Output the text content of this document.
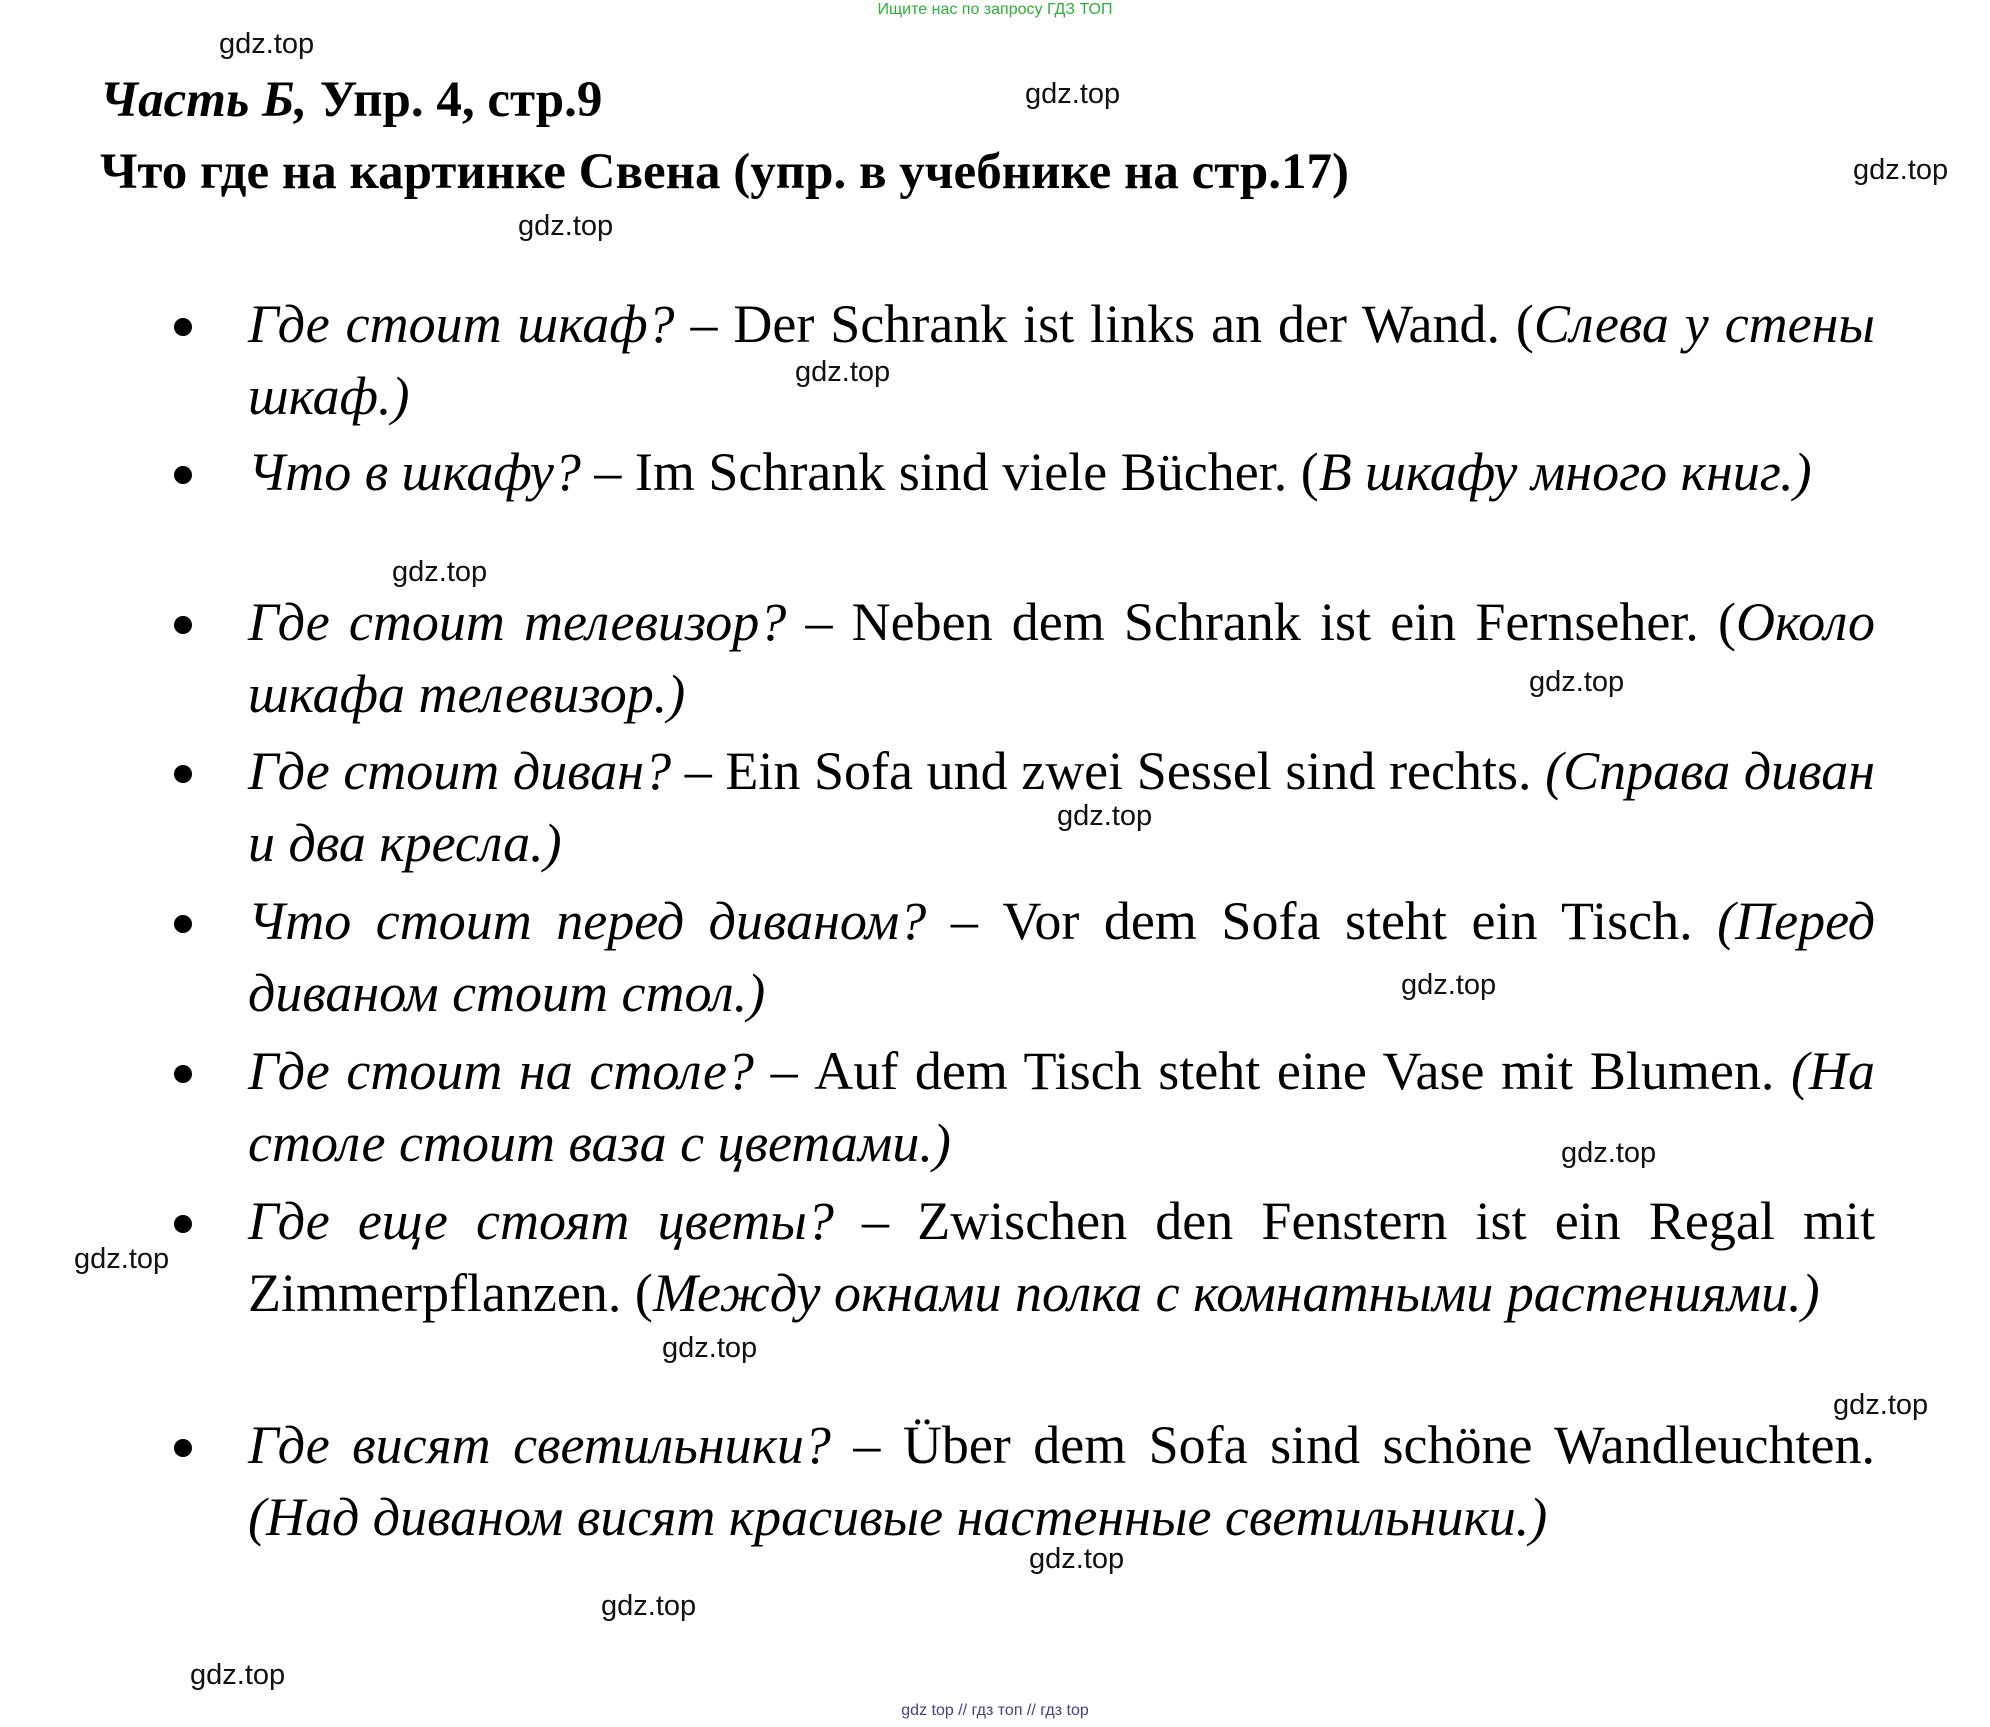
Ищите нас по запросу ГДЗ ТОП
Часть Б, Упр. 4, стр.9
Что где на картинке Свена (упр. в учебнике на стр.17)
Где стоит шкаф? – Der Schrank ist links an der Wand. (Слева у стены шкаф.)
Что в шкафу? – Im Schrank sind viele Bücher. (В шкафу много книг.)
Где стоит телевизор? – Neben dem Schrank ist ein Fernseher. (Около шкафа телевизор.)
Где стоит диван? – Ein Sofa und zwei Sessel sind rechts. (Справа диван и два кресла.)
Что стоит перед диваном? – Vor dem Sofa steht ein Tisch. (Перед диваном стоит стол.)
Где стоит на столе? – Auf dem Tisch steht eine Vase mit Blumen. (На столе стоит ваза с цветами.)
Где еще стоят цветы? – Zwischen den Fenstern ist ein Regal mit Zimmerpflanzen. (Между окнами полка с комнатными растениями.)
Где висят светильники? – Über dem Sofa sind schöne Wandleuchten. (Над диваном висят красивые настенные светильники.)
gdz.top
gdz.top
gdz.top
gdz.top
gdz.top
gdz.top
gdz.top
gdz.top
gdz.top
gdz.top
gdz.top
gdz.top
gdz.top
gdz.top
gdz.top
gdz.top
gdz top // гдз топ // гдз top
